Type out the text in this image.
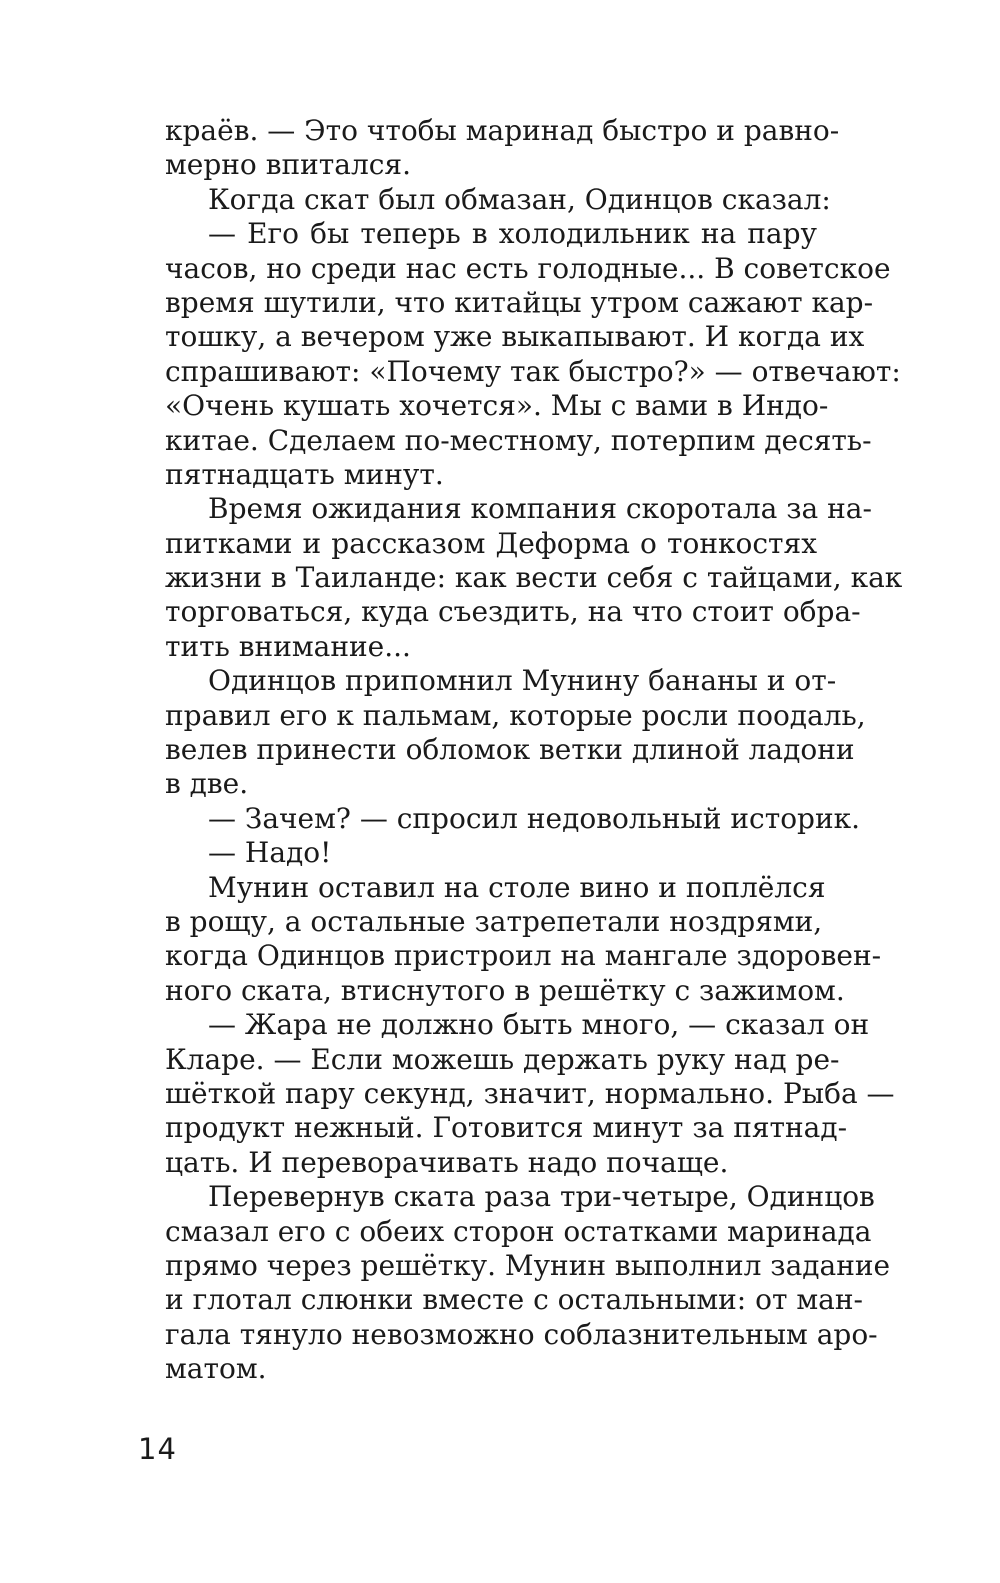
краёв. — Это чтобы маринад быстро и равно-
мерно впитался.
Когда скат был обмазан, Одинцов сказал:
— Его бы теперь в холодильник на пару
часов, но среди нас есть голодные... В советское
время шутили, что китайцы утром сажают кар-
тошку, а вечером уже выкапывают. И когда их
спрашивают: «Почему так быстро?» — отвечают:
«Очень кушать хочется». Мы с вами в Индо-
китае. Сделаем по-местному, потерпим десять-
пятнадцать минут.
Время ожидания компания скоротала за на-
питками и рассказом Деформа о тонкостях
жизни в Таиланде: как вести себя с тайцами, как
торговаться, куда съездить, на что стоит обра-
тить внимание...
Одинцов припомнил Мунину бананы и от-
правил его к пальмам, которые росли поодаль,
велев принести обломок ветки длиной ладони
в две.
— Зачем? — спросил недовольный историк.
— Надо!
Мунин оставил на столе вино и поплёлся
в рощу, а остальные затрепетали ноздрями,
когда Одинцов пристроил на мангале здоровен-
ного ската, втиснутого в решётку с зажимом.
— Жара не должно быть много, — сказал он
Кларе. — Если можешь держать руку над ре-
шёткой пару секунд, значит, нормально. Рыба —
продукт нежный. Готовится минут за пятнад-
цать. И переворачивать надо почаще.
Перевернув ската раза три-четыре, Одинцов
смазал его с обеих сторон остатками маринада
прямо через решётку. Мунин выполнил задание
и глотал слюнки вместе с остальными: от ман-
гала тянуло невозможно соблазнительным аро-
матом.
14
